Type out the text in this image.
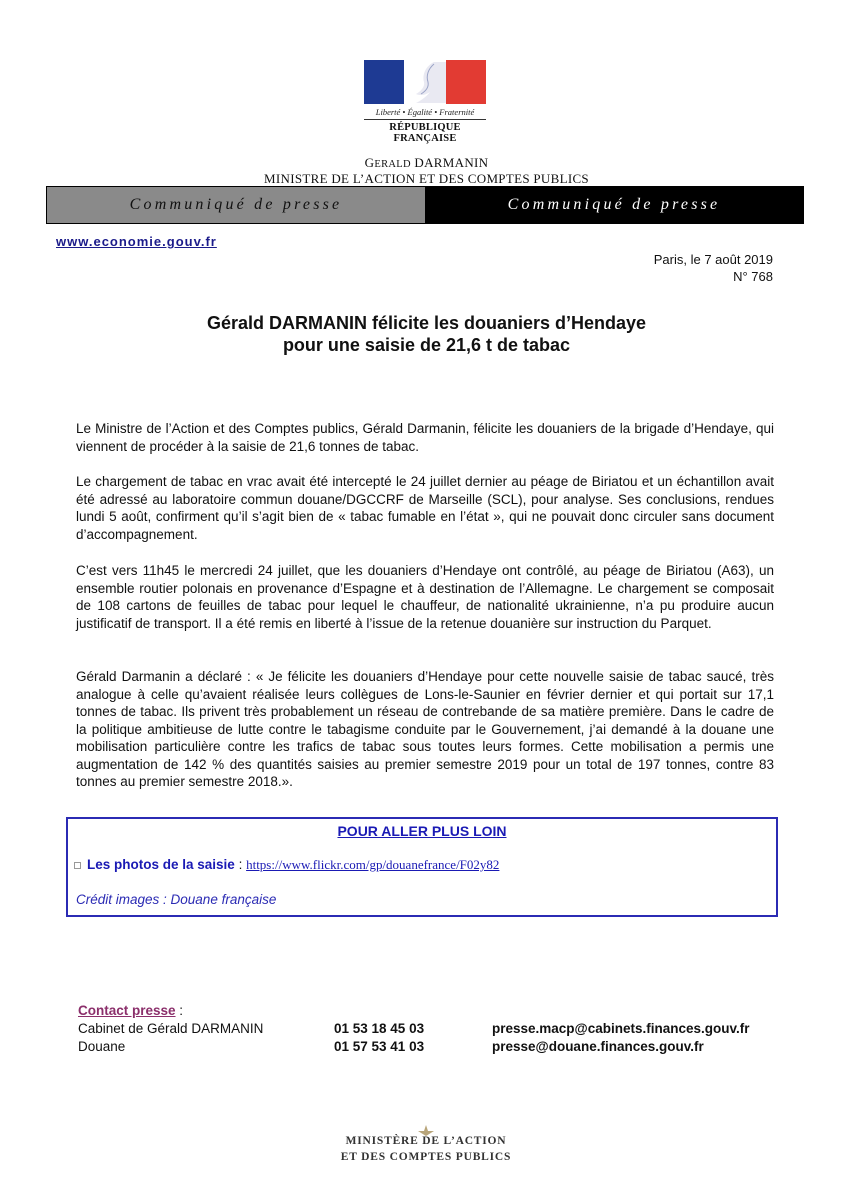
Liberté • Égalité • Fraternité
RÉPUBLIQUE FRANÇAISE
GERALD DARMANIN
MINISTRE DE L’ACTION ET DES COMPTES PUBLICS
Communiqué de presse	Communiqué de presse
www.economie.gouv.fr
Paris, le 7 août 2019
N° 768
Gérald DARMANIN félicite les douaniers d’Hendaye
pour une saisie de 21,6 t de tabac
Le Ministre de l’Action et des Comptes publics, Gérald Darmanin, félicite les douaniers de la brigade d’Hendaye, qui viennent de procéder à la saisie de 21,6 tonnes de tabac.
Le chargement de tabac en vrac avait été intercepté le 24 juillet dernier au péage de Biriatou et un échantillon avait été adressé au laboratoire commun douane/DGCCRF de Marseille (SCL), pour analyse. Ses conclusions, rendues lundi 5 août, confirment qu’il s’agit bien de « tabac fumable en l’état », qui ne pouvait donc circuler sans document d’accompagnement.
C’est vers 11h45 le mercredi 24 juillet, que les douaniers d’Hendaye ont contrôlé, au péage de Biriatou (A63), un ensemble routier polonais en provenance d’Espagne et à destination de l’Allemagne. Le chargement se composait de 108 cartons de feuilles de tabac pour lequel le chauffeur, de nationalité ukrainienne, n’a pu produire aucun justificatif de transport. Il a été remis en liberté à l’issue de la retenue douanière sur instruction du Parquet.
Gérald Darmanin a déclaré : « Je félicite les douaniers d’Hendaye pour cette nouvelle saisie de tabac saucé, très analogue à celle qu’avaient réalisée leurs collègues de Lons-le-Saunier en février dernier et qui portait sur 17,1 tonnes de tabac. Ils privent très probablement un réseau de contrebande de sa matière première. Dans le cadre de la politique ambitieuse de lutte contre le tabagisme conduite par le Gouvernement, j’ai demandé à la douane une mobilisation particulière contre les trafics de tabac sous toutes leurs formes. Cette mobilisation a permis une augmentation de 142 % des quantités saisies au premier semestre 2019 pour un total de 197 tonnes, contre 83 tonnes au premier semestre 2018.».
POUR ALLER PLUS LOIN
Les photos de la saisie : https://www.flickr.com/gp/douanefrance/F02y82
Crédit images : Douane française
Contact presse :
Cabinet de Gérald DARMANIN	01 53 18 45 03	presse.macp@cabinets.finances.gouv.fr
Douane	01 57 53 41 03	presse@douane.finances.gouv.fr
MINISTÈRE DE L’ACTION
ET DES COMPTES PUBLICS
